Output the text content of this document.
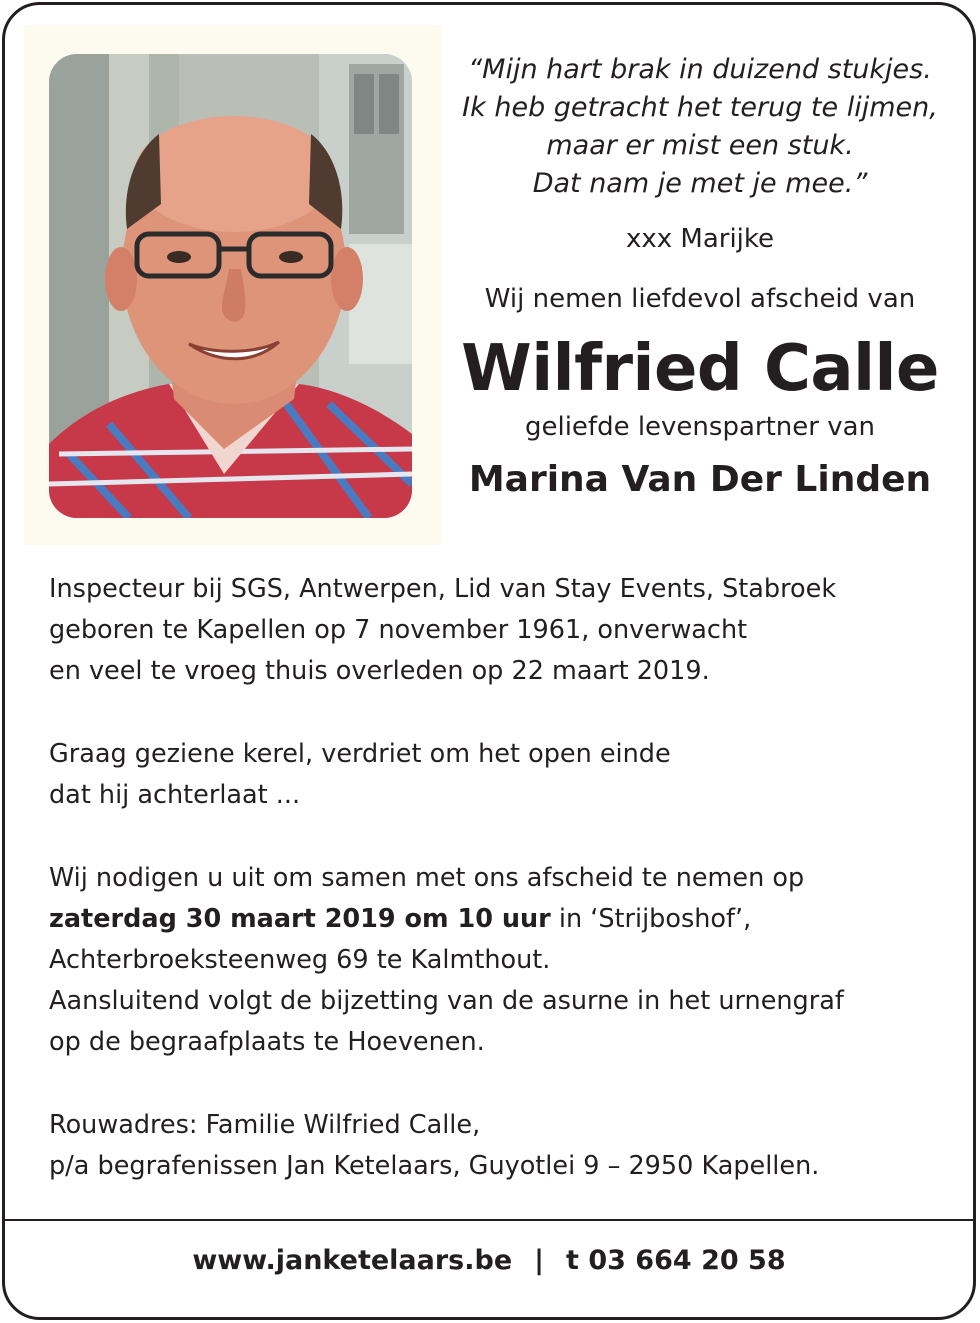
“Mijn hart brak in duizend stukjes.
Ik heb getracht het terug te lijmen,
maar er mist een stuk.
Dat nam je met je mee.”
xxx Marijke
Wij nemen liefdevol afscheid van
Wilfried Calle
geliefde levenspartner van
Marina Van Der Linden
Inspecteur bij SGS, Antwerpen, Lid van Stay Events, Stabroek
geboren te Kapellen op 7 november 1961, onverwacht
en veel te vroeg thuis overleden op 22 maart 2019.
Graag geziene kerel, verdriet om het open einde
dat hij achterlaat ...
Wij nodigen u uit om samen met ons afscheid te nemen op
zaterdag 30 maart 2019 om 10 uur in ‘Strijboshof’,
Achterbroeksteenweg 69 te Kalmthout.
Aansluitend volgt de bijzetting van de asurne in het urnengraf
op de begraafplaats te Hoevenen.
Rouwadres: Familie Wilfried Calle,
p/a begrafenissen Jan Ketelaars, Guyotlei 9 – 2950 Kapellen.
www.janketelaars.be | t 03 664 20 58
